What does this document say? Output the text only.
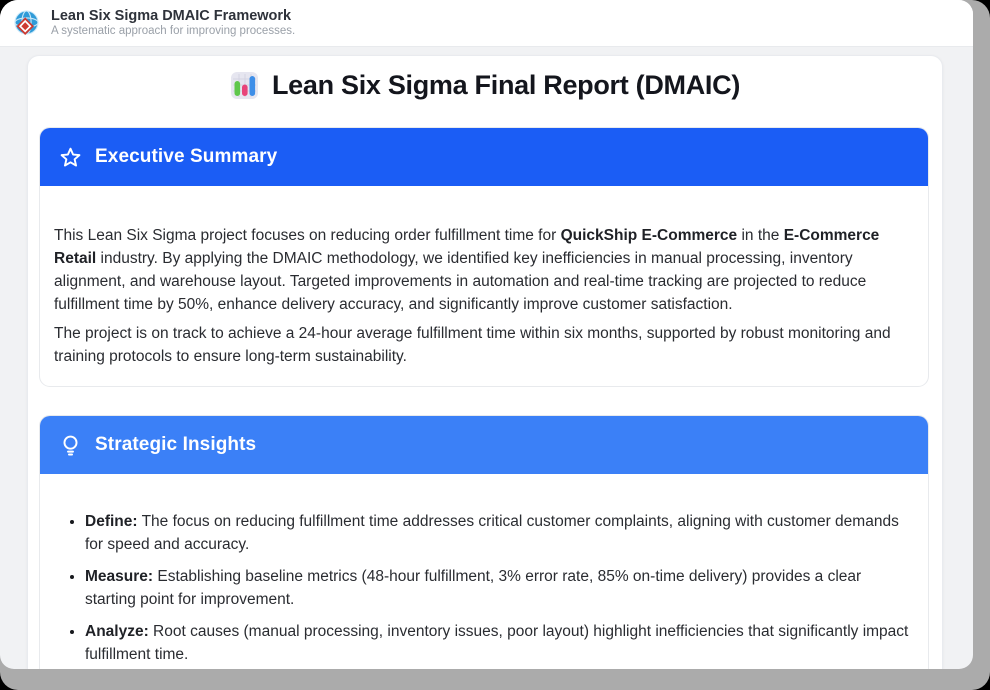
Lean Six Sigma DMAIC Framework
A systematic approach for improving processes.
Lean Six Sigma Final Report (DMAIC)
Executive Summary

This Lean Six Sigma project focuses on reducing order fulfillment time for QuickShip E-Commerce in the E-Commerce Retail industry. By applying the DMAIC methodology, we identified key inefficiencies in manual processing, inventory alignment, and warehouse layout. Targeted improvements in automation and real-time tracking are projected to reduce fulfillment time by 50%, enhance delivery accuracy, and significantly improve customer satisfaction.

The project is on track to achieve a 24-hour average fulfillment time within six months, supported by robust monitoring and training protocols to ensure long-term sustainability.

Strategic Insights
• Define: The focus on reducing fulfillment time addresses critical customer complaints, aligning with customer demands for speed and accuracy.
• Measure: Establishing baseline metrics (48-hour fulfillment, 3% error rate, 85% on-time delivery) provides a clear starting point for improvement.
• Analyze: Root causes (manual processing, inventory issues, poor layout) highlight inefficiencies that significantly impact fulfillment time.
